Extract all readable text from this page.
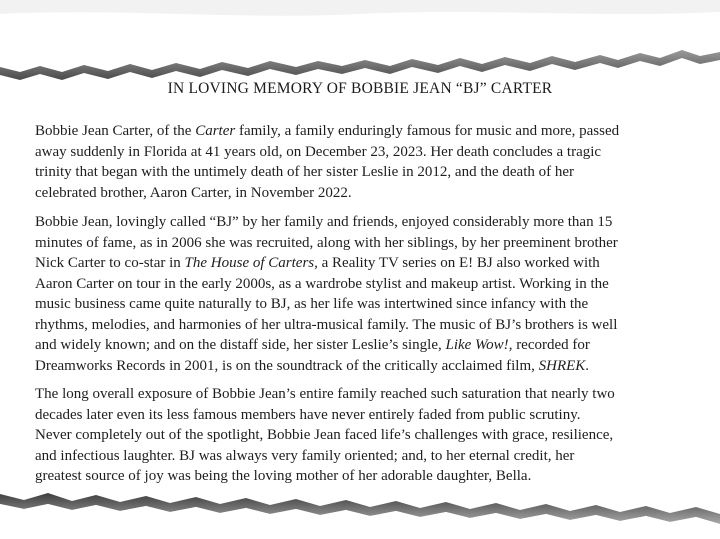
IN LOVING MEMORY OF BOBBIE JEAN “BJ” CARTER

Bobbie Jean Carter, of the Carter family, a family enduringly famous for music and more, passed
away suddenly in Florida at 41 years old, on December 23, 2023. Her death concludes a tragic
trinity that began with the untimely death of her sister Leslie in 2012, and the death of her
celebrated brother, Aaron Carter, in November 2022.

Bobbie Jean, lovingly called “BJ” by her family and friends, enjoyed considerably more than 15
minutes of fame, as in 2006 she was recruited, along with her siblings, by her preeminent brother
Nick Carter to co-star in The House of Carters, a Reality TV series on E! BJ also worked with
Aaron Carter on tour in the early 2000s, as a wardrobe stylist and makeup artist. Working in the
music business came quite naturally to BJ, as her life was intertwined since infancy with the
rhythms, melodies, and harmonies of her ultra-musical family. The music of BJ’s brothers is well
and widely known; and on the distaff side, her sister Leslie’s single, Like Wow!, recorded for
Dreamworks Records in 2001, is on the soundtrack of the critically acclaimed film, SHREK.

The long overall exposure of Bobbie Jean’s entire family reached such saturation that nearly two
decades later even its less famous members have never entirely faded from public scrutiny.
Never completely out of the spotlight, Bobbie Jean faced life’s challenges with grace, resilience,
and infectious laughter. BJ was always very family oriented; and, to her eternal credit, her
greatest source of joy was being the loving mother of her adorable daughter, Bella.
